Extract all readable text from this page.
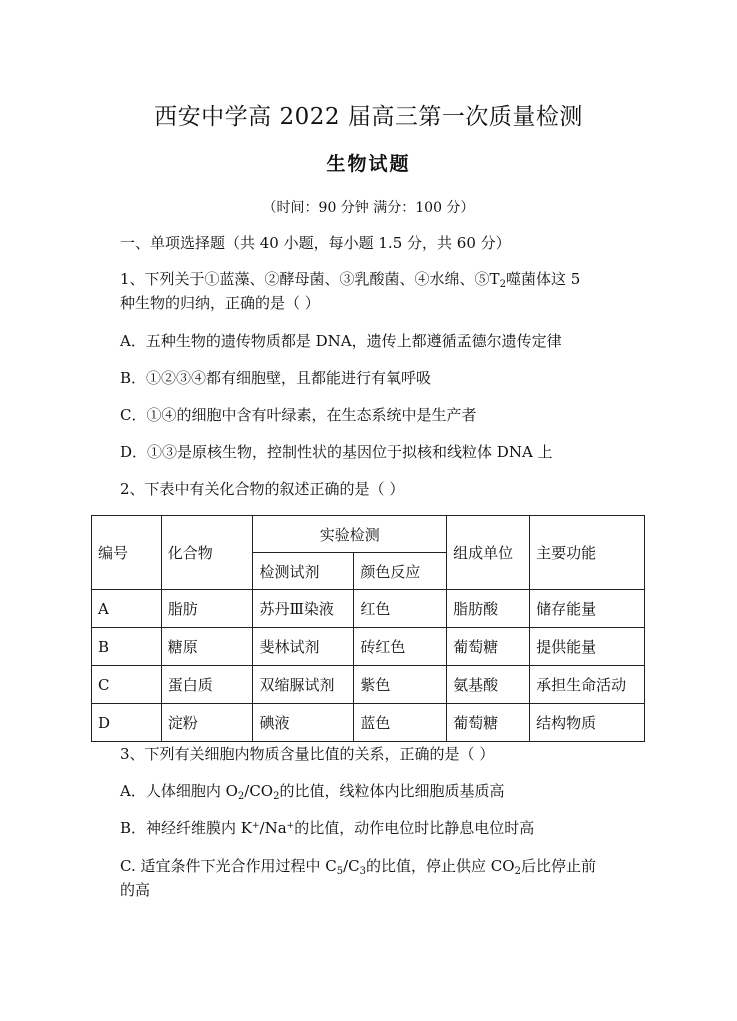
西安中学高 2022 届高三第一次质量检测
生物试题
（时间：90 分钟 满分：100 分）
一、单项选择题（共 40 小题，每小题 1.5 分，共 60 分）
1、下列关于①蓝藻、②酵母菌、③乳酸菌、④水绵、$⑤T_2$噬菌体这 5
种生物的归纳，正确的是（ ）
A．五种生物的遗传物质都是 DNA，遗传上都遵循孟德尔遗传定律
B．①②③④都有细胞壁，且都能进行有氧呼吸
C．①④的细胞中含有叶绿素，在生态系统中是生产者
D．①③是原核生物，控制性状的基因位于拟核和线粒体 DNA 上
2、下表中有关化合物的叙述正确的是（ ）
编号	化合物	实验检测		组成单位	主要功能
		检测试剂	颜色反应		
A	脂肪	苏丹Ⅲ染液	红色	脂肪酸	储存能量
B	糖原	斐林试剂	砖红色	葡萄糖	提供能量
C	蛋白质	双缩脲试剂	紫色	氨基酸	承担生命活动
D	淀粉	碘液	蓝色	葡萄糖	结构物质
3、下列有关细胞内物质含量比值的关系，正确的是（ ）
A．人体细胞内 $O_2/CO_2$的比值，线粒体内比细胞质基质高
B．神经纤维膜内 K+/Na+的比值，动作电位时比静息电位时高
C. 适宜条件下光合作用过程中 $C_5/C_3$的比值，停止供应 $CO_2$后比停止前
的高
